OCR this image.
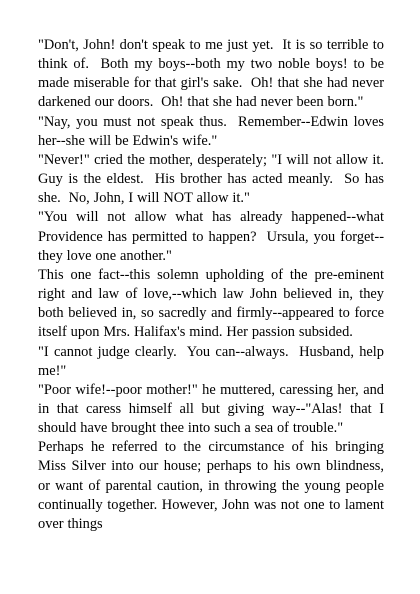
"Don't, John! don't speak to me just yet.  It is so terrible to think of.  Both my boys--both my two noble boys! to be made miserable for that girl's sake.  Oh! that she had never darkened our doors.  Oh! that she had never been born."

"Nay, you must not speak thus.  Remember--Edwin loves her--she will be Edwin's wife."

"Never!" cried the mother, desperately; "I will not allow it.  Guy is the eldest.  His brother has acted meanly.  So has she.  No, John, I will NOT allow it."

"You will not allow what has already happened--what Providence has permitted to happen?  Ursula, you forget--they love one another."

This one fact--this solemn upholding of the pre-eminent right and law of love,--which law John believed in, they both believed in, so sacredly and firmly--appeared to force itself upon Mrs. Halifax's mind. Her passion subsided.

"I cannot judge clearly.  You can--always.  Husband, help me!"

"Poor wife!--poor mother!" he muttered, caressing her, and in that caress himself all but giving way--"Alas! that I should have brought thee into such a sea of trouble."

Perhaps he referred to the circumstance of his bringing Miss Silver into our house; perhaps to his own blindness, or want of parental caution, in throwing the young people continually together. However, John was not one to lament over things
